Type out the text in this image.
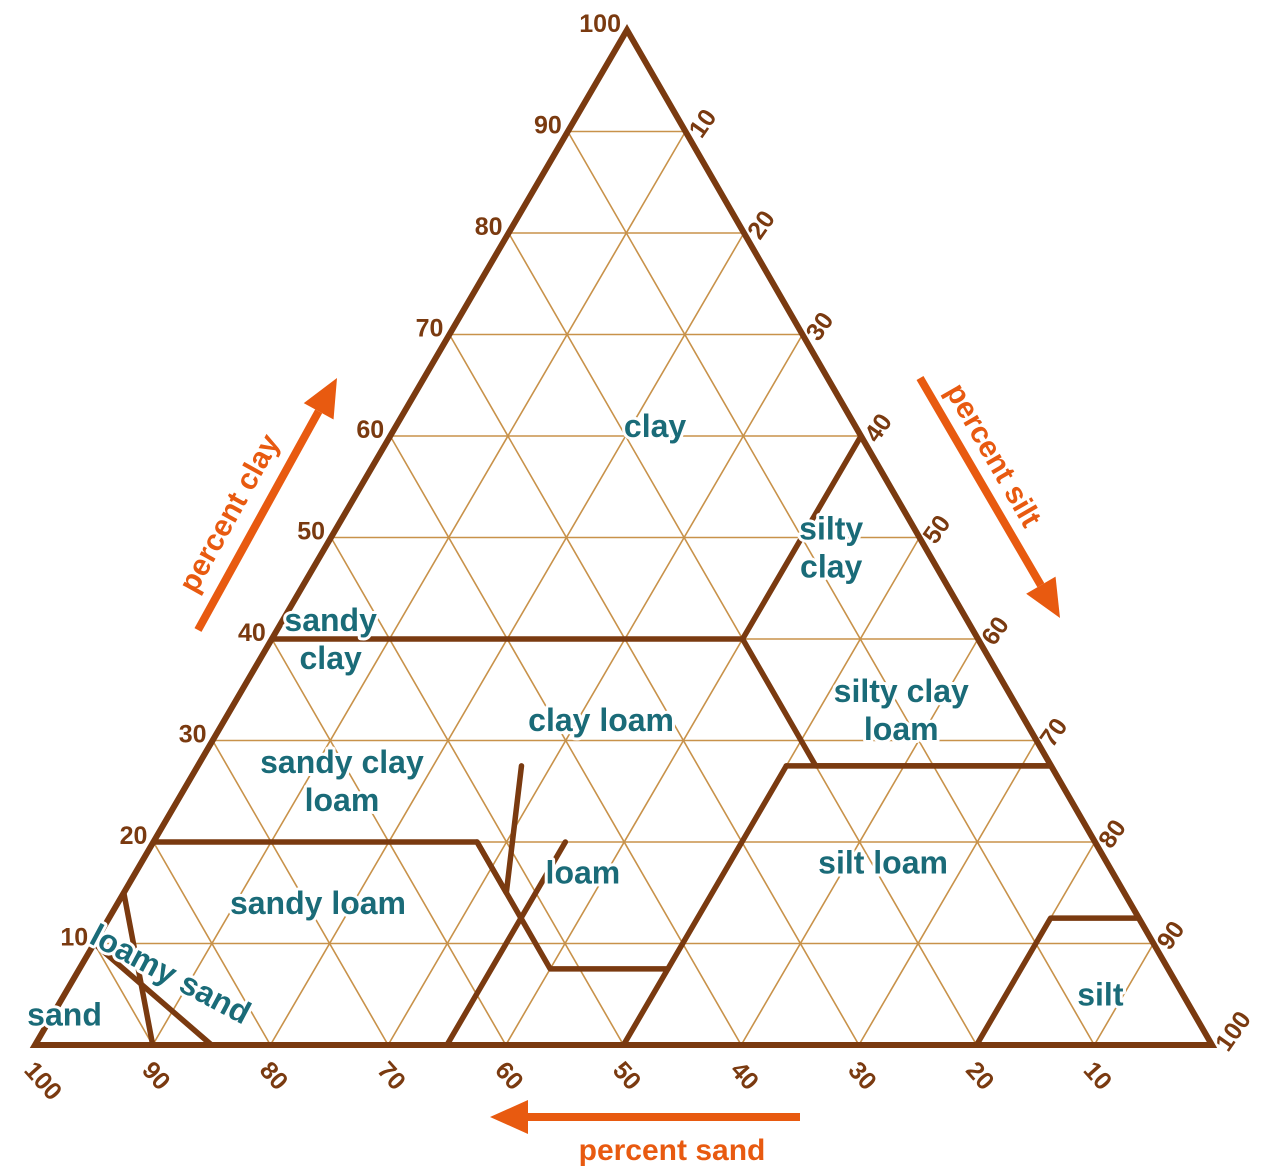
10
20
30
40
50
60
70
80
90
100
10
20
30
40
50
60
70
80
90
100
10
20
30
40
50
60
70
80
90
100
clay
silty clay
sandy clay
clay loam
silty clay loam
sandy clay loam
loam	silt loam
sandy loam
loamy sand
sand
silt
percent clay	percent silt
percent sand
